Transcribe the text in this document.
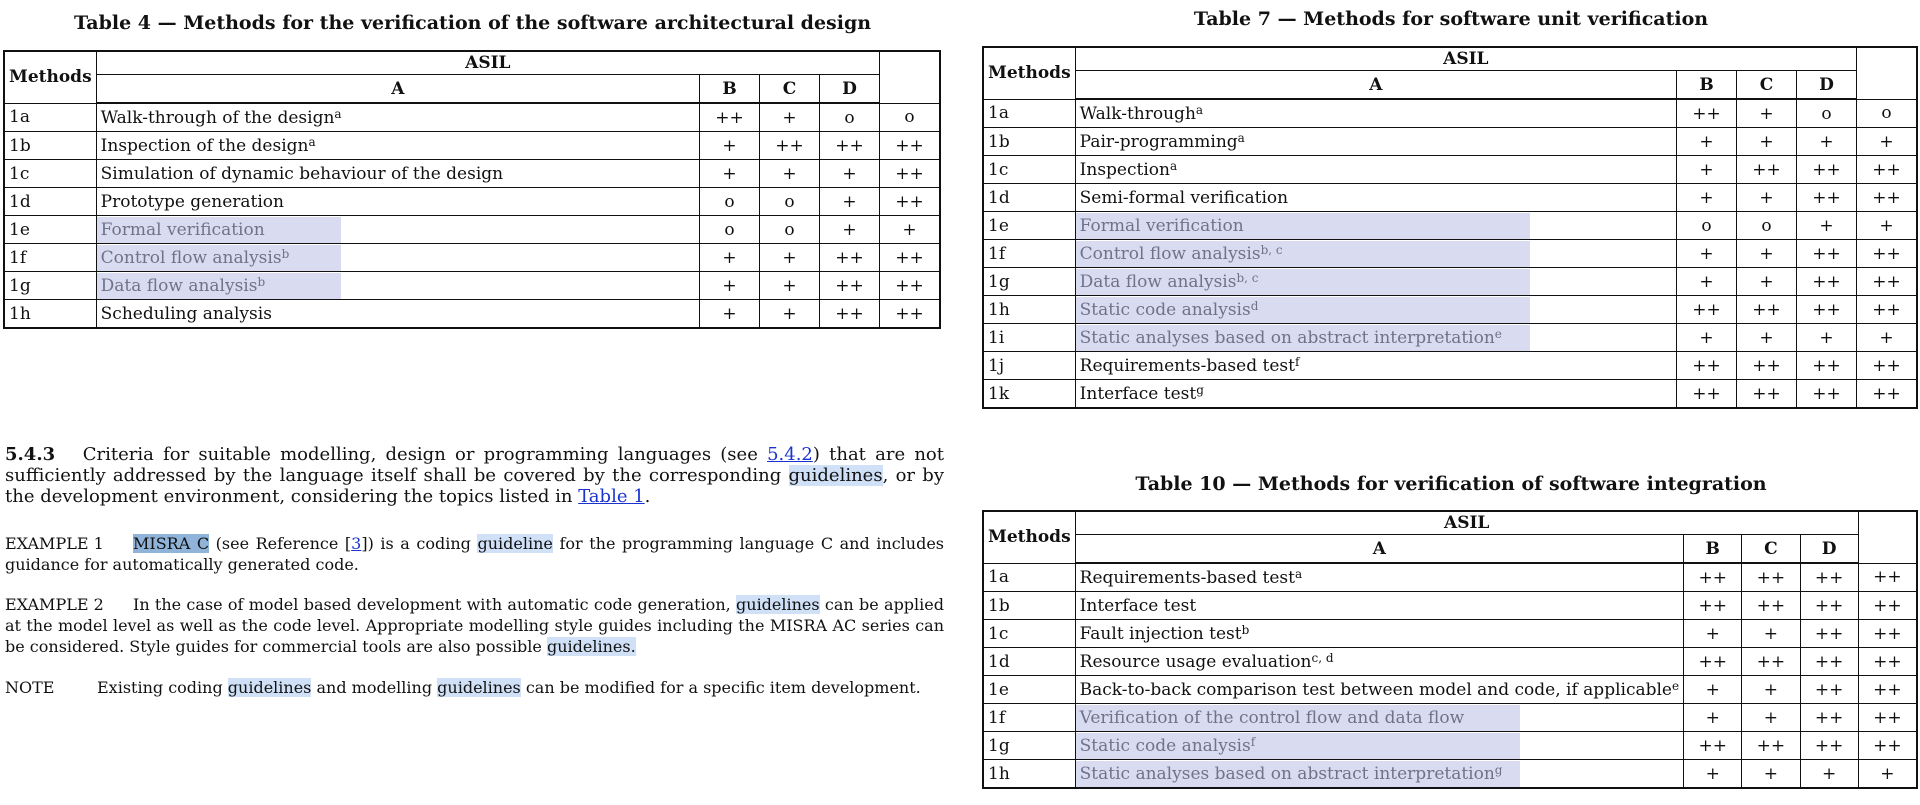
Table 4 — Methods for the verification of the software architectural design
Methods	ASIL				
	A	B	C	D	
1a	Walk-through of the design$^a$	++	+	o	o
1b	Inspection of the design$^a$	+	++	++	++
1c	Simulation of dynamic behaviour of the design	+	+	+	++
1d	Prototype generation	o	o	+	++
1e	Formal verification	o	o	+	+
1f	Control flow analysis$^b$	+	+	++	++
1g	Data flow analysis$^b$	+	+	++	++
1h	Scheduling analysis	+	+	++	++
Table 7 — Methods for software unit verification
Methods	ASIL				
	A	B	C	D	
1a	Walk-through$^a$	++	+	o	o
1b	Pair-programming$^a$	+	+	+	+
1c	Inspection$^a$	+	++	++	++
1d	Semi-formal verification	+	+	++	++
1e	Formal verification	o	o	+	+
1f	Control flow analysis$^{b, c}$	+	+	++	++
1g	Data flow analysis$^{b, c}$	+	+	++	++
1h	Static code analysis$^d$	++	++	++	++
1i	Static analyses based on abstract interpretation$^e$	+	+	+	+
1j	Requirements-based test$^f$	++	++	++	++
1k	Interface test$^g$	++	++	++	++
Table 10 — Methods for verification of software integration
Methods	ASIL				
	A	B	C	D	
1a	Requirements-based test$^a$	++	++	++	++
1b	Interface test	++	++	++	++
1c	Fault injection test$^b$	+	+	++	++
1d	Resource usage evaluation$^{c, d}$	++	++	++	++
1e	Back-to-back comparison test between model and code, if applicable$^e$	+	+	++	++
1f	Verification of the control flow and data flow	+	+	++	++
1g	Static code analysis$^f$	++	++	++	++
1h	Static analyses based on abstract interpretation$^g$	+	+	+	+
5.4.3 Criteria for suitable modelling, design or programming languages (see 5.4.2) that are not sufficiently addressed by the language itself shall be covered by the corresponding guidelines, or by the development environment, considering the topics listed in Table 1.
EXAMPLE 1 MISRA C (see Reference [3]) is a coding guideline for the programming language C and includes guidance for automatically generated code.
EXAMPLE 2 In the case of model based development with automatic code generation, guidelines can be applied at the model level as well as the code level. Appropriate modelling style guides including the MISRA AC series can be considered. Style guides for commercial tools are also possible guidelines.
NOTE	Existing coding guidelines and modelling guidelines can be modified for a specific item development.
